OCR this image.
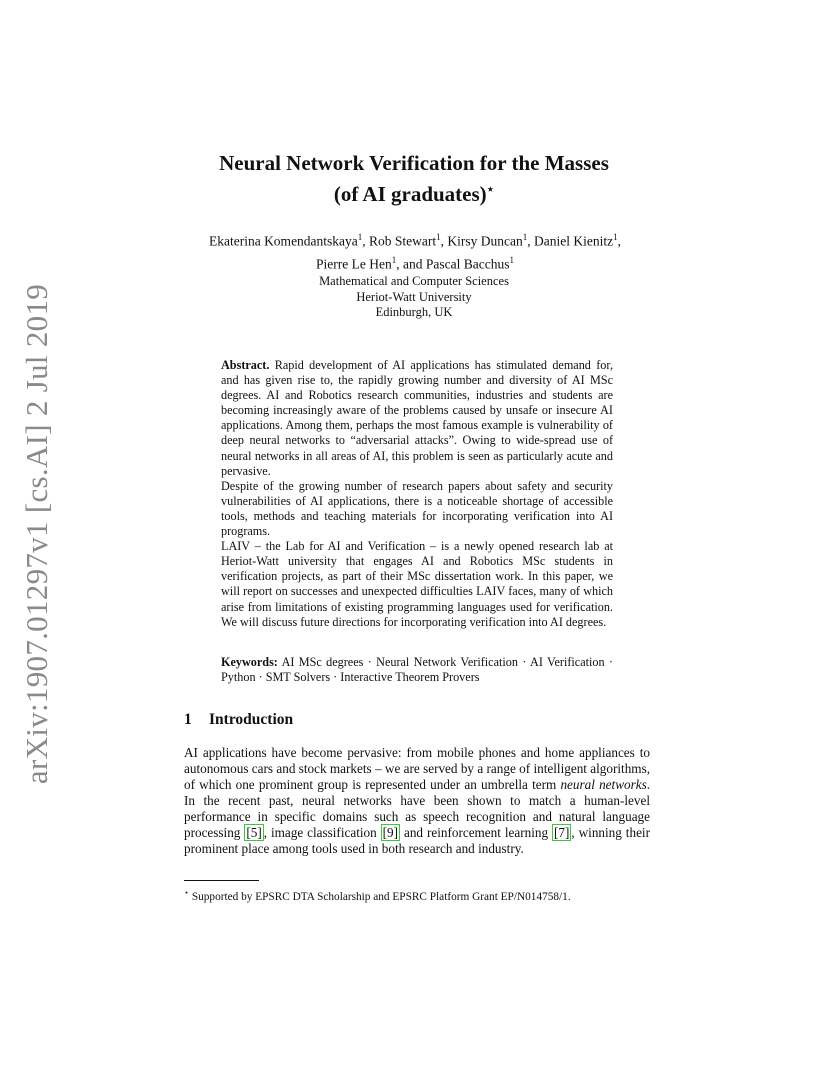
arXiv:1907.01297v1 [cs.AI] 2 Jul 2019
Neural Network Verification for the Masses
(of AI graduates)⋆
Ekaterina Komendantskaya$^1$, Rob Stewart$^1$, Kirsy Duncan$^1$, Daniel Kienitz$^1$,
Pierre Le Hen$^1$, and Pascal Bacchus$^1$
Mathematical and Computer Sciences
Heriot-Watt University
Edinburgh, UK

Abstract. Rapid development of AI applications has stimulated demand for, and has given rise to, the rapidly growing number and diversity of AI MSc degrees. AI and Robotics research communities, industries and students are becoming increasingly aware of the problems caused by unsafe or insecure AI applications. Among them, perhaps the most famous example is vulnerability of deep neural networks to “adversarial attacks”. Owing to wide-spread use of neural networks in all areas of AI, this problem is seen as particularly acute and pervasive.

Despite of the growing number of research papers about safety and security vulnerabilities of AI applications, there is a noticeable shortage of accessible tools, methods and teaching materials for incorporating verification into AI programs.

LAIV – the Lab for AI and Verification – is a newly opened research lab at Heriot-Watt university that engages AI and Robotics MSc students in verification projects, as part of their MSc dissertation work. In this paper, we will report on successes and unexpected difficulties LAIV faces, many of which arise from limitations of existing programming languages used for verification. We will discuss future directions for incorporating verification into AI degrees.

Keywords: AI MSc degrees · Neural Network Verification · AI Verification · Python · SMT Solvers · Interactive Theorem Provers

1 Introduction

AI applications have become pervasive: from mobile phones and home appliances to autonomous cars and stock markets – we are served by a range of intelligent algorithms, of which one prominent group is represented under an umbrella term neural networks. In the recent past, neural networks have been shown to match a human-level performance in specific domains such as speech recognition and natural language processing [5] , image classification [9] and reinforcement learning [7] , winning their prominent place among tools used in both research and industry.

⋆ Supported by EPSRC DTA Scholarship and EPSRC Platform Grant EP/N014758/1.
